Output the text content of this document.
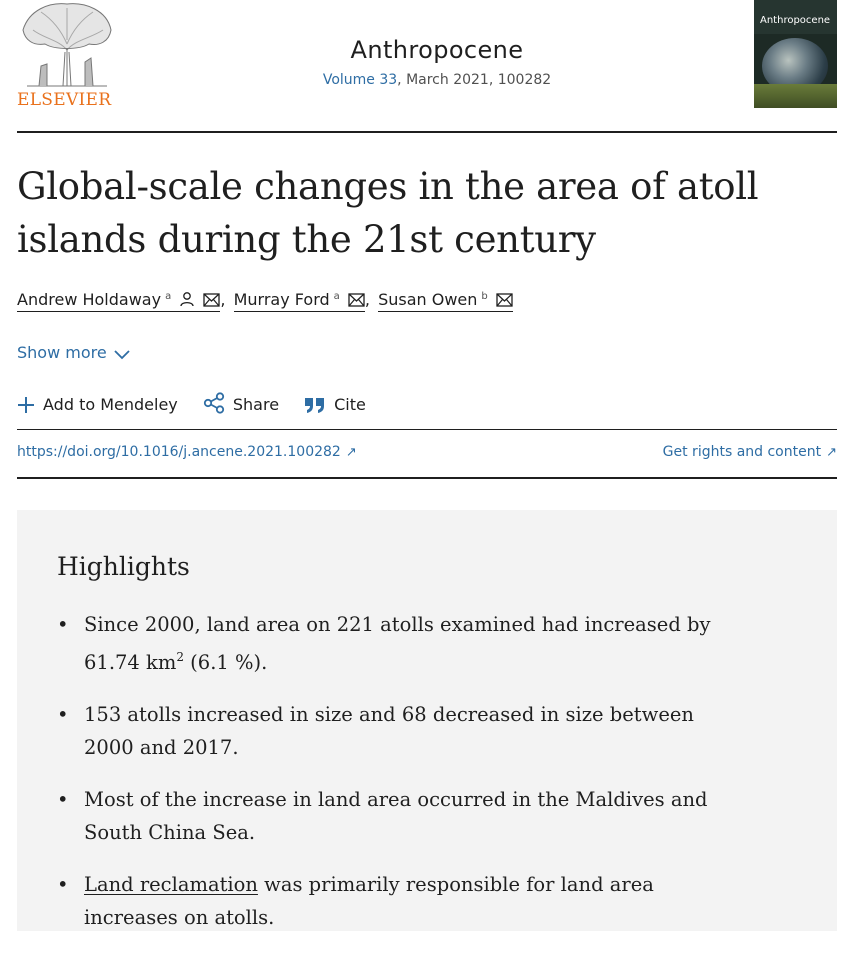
ELSEVIER
Anthropocene
Volume 33, March 2021, 100282
Anthropocene
Global-scale changes in the area of atoll
islands during the 21st century
Andrew Holdaway $^a$	, Murray Ford $^a$ , Susan Owen $^b$
Show more
Add to Mendeley	Share	Cite
https://doi.org/10.1016/j.ancene.2021.100282 ↗	Get rights and content ↗
Highlights
• Since 2000, land area on 221 atolls examined had increased by 61.74 $km^2$ (6.1 %).
• 153 atolls increased in size and 68 decreased in size between 2000 and 2017.
• Most of the increase in land area occurred in the Maldives and South China Sea.
• Land reclamation was primarily responsible for land area increases on atolls.
